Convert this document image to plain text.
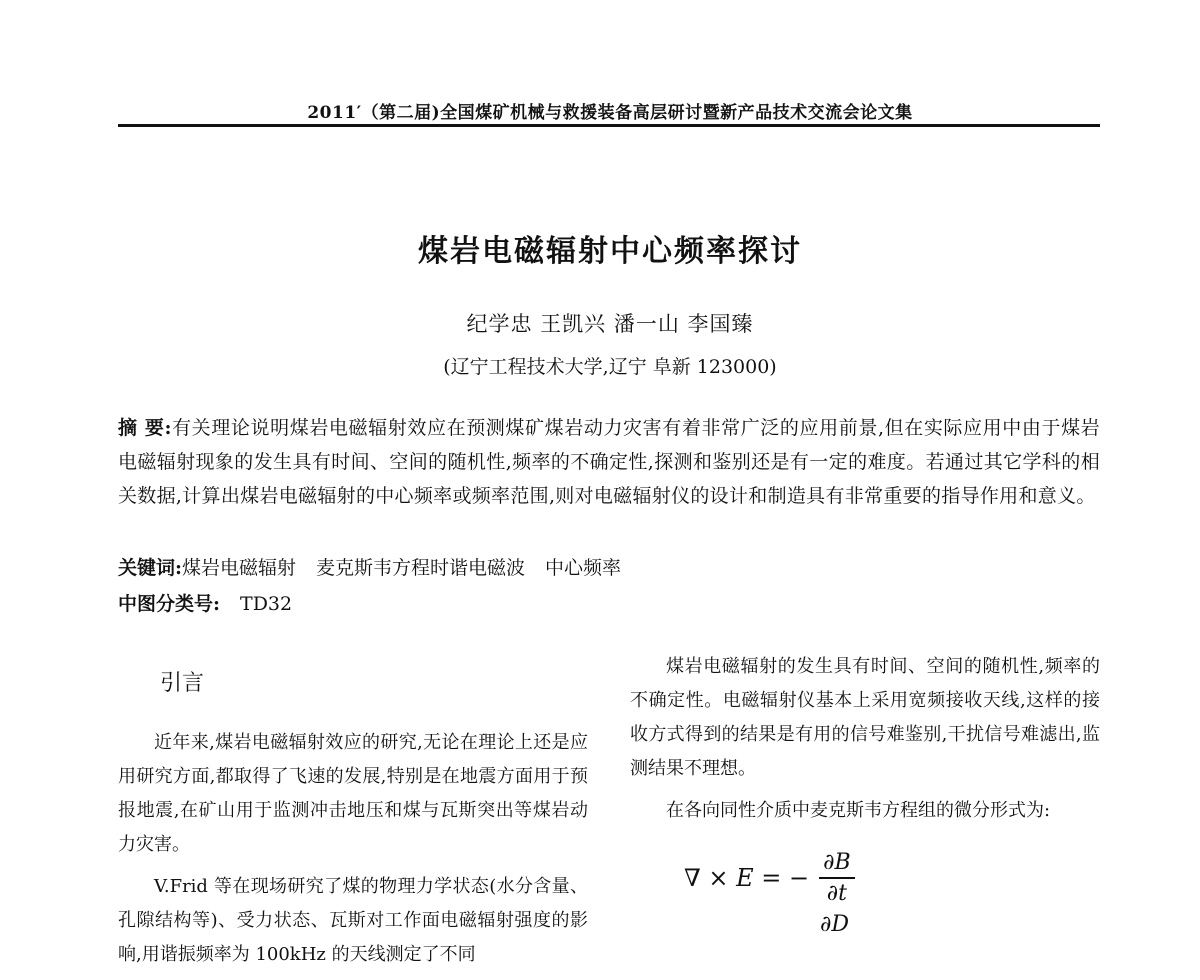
2011′（第二届)全国煤矿机械与救援装备高层研讨暨新产品技术交流会论文集
煤岩电磁辐射中心频率探讨
纪学忠 王凯兴 潘一山 李国臻
(辽宁工程技术大学,辽宁 阜新 123000)
摘 要:有关理论说明煤岩电磁辐射效应在预测煤矿煤岩动力灾害有着非常广泛的应用前景,但在实际应用中由于煤岩电磁辐射现象的发生具有时间、空间的随机性,频率的不确定性,探测和鉴别还是有一定的难度。若通过其它学科的相关数据,计算出煤岩电磁辐射的中心频率或频率范围,则对电磁辐射仪的设计和制造具有非常重要的指导作用和意义。
关键词:煤岩电磁辐射 麦克斯韦方程时谐电磁波 中心频率
中图分类号: TD32
引言

近年来,煤岩电磁辐射效应的研究,无论在理论上还是应用研究方面,都取得了飞速的发展,特别是在地震方面用于预报地震,在矿山用于监测冲击地压和煤与瓦斯突出等煤岩动力灾害。

V.Frid 等在现场研究了煤的物理力学状态(水分含量、孔隙结构等)、受力状态、瓦斯对工作面电磁辐射强度的影响,用谐振频率为 100kHz 的天线测定了不同

煤岩电磁辐射的发生具有时间、空间的随机性,频率的不确定性。电磁辐射仪基本上采用宽频接收天线,这样的接收方式得到的结果是有用的信号难鉴别,干扰信号难滤出,监测结果不理想。

在各向同性介质中麦克斯韦方程组的微分形式为:

∇ × E = − $\frac{\partial B}{\partial t}$
∂D
